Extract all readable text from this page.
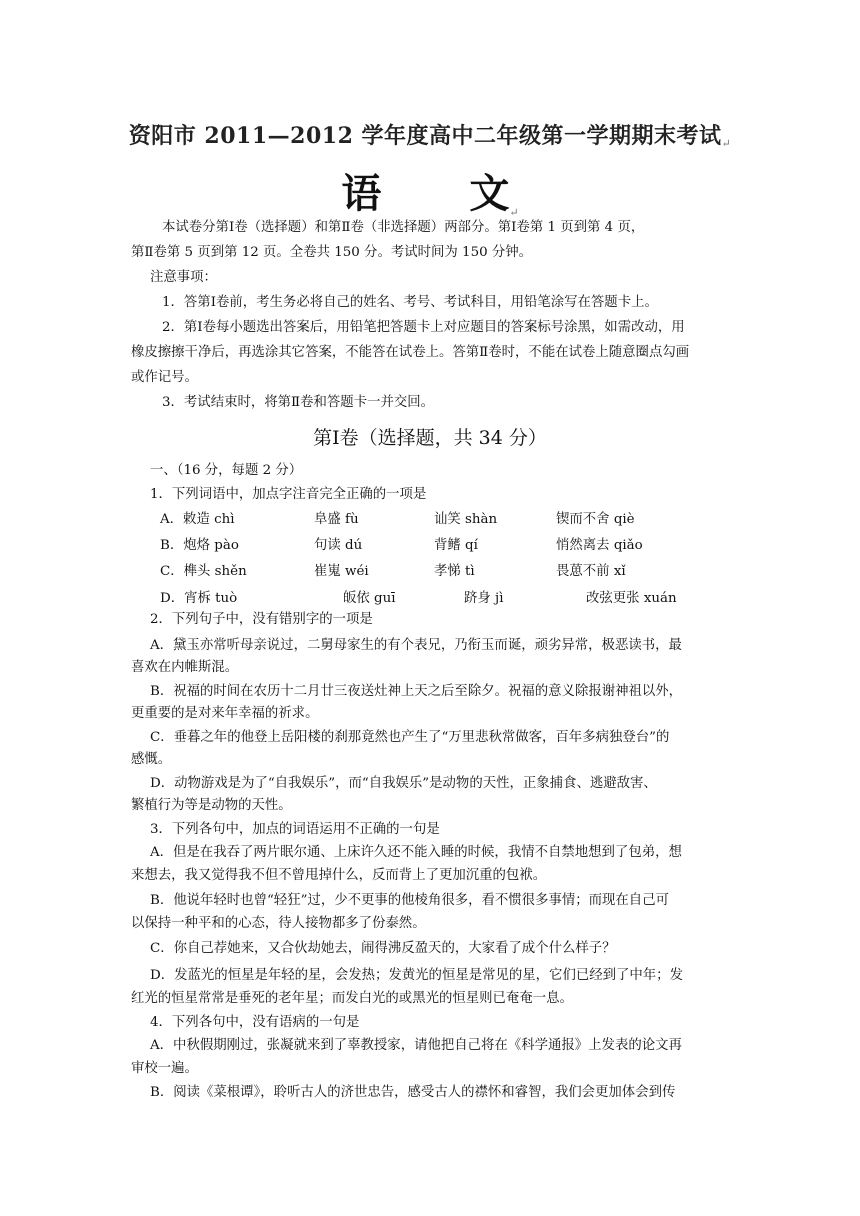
资阳市 2011—2012 学年度高中二年级第一学期期末考试↵
语 文↵
本试卷分第Ⅰ卷（选择题）和第Ⅱ卷（非选择题）两部分。第Ⅰ卷第 1 页到第 4 页，
第Ⅱ卷第 5 页到第 12 页。全卷共 150 分。考试时间为 150 分钟。
注意事项：
1．答第Ⅰ卷前，考生务必将自己的姓名、考号、考试科目，用铅笔涂写在答题卡上。
2．第Ⅰ卷每小题选出答案后，用铅笔把答题卡上对应题目的答案标号涂黑，如需改动，用
橡皮擦擦干净后，再选涂其它答案，不能答在试卷上。答第Ⅱ卷时，不能在试卷上随意圈点勾画
或作记号。
3．考试结束时，将第Ⅱ卷和答题卡一并交回。
第Ⅰ卷（选择题，共 34 分）
一、（16 分，每题 2 分）
1．下列词语中，加点字注音完全正确的一项是
A．敕造 chì	阜盛 fù	讪笑 shàn	锲而不舍 qiè
B．炮烙 pào	句读 dú	背鳍 qí	悄然离去 qiǎo
C．榫头 shěn	崔嵬 wéi	孝悌 tì	畏葸不前 xǐ
D．宵柝 tuò	皈依 guī	跻身 jì	改弦更张 xuán
2．下列句子中，没有错别字的一项是
A．黛玉亦常听母亲说过，二舅母家生的有个表兄，乃衔玉而诞，顽劣异常，极恶读书，最
喜欢在内帷斯混。
B．祝福的时间在农历十二月廿三夜送灶神上天之后至除夕。祝福的意义除报谢神祖以外，
更重要的是对来年幸福的祈求。
C．垂暮之年的他登上岳阳楼的刹那竟然也产生了“万里悲秋常做客，百年多病独登台”的
感慨。
D．动物游戏是为了“自我娱乐”，而“自我娱乐”是动物的天性，正象捕食、逃避敌害、
繁植行为等是动物的天性。
3．下列各句中，加点的词语运用不正确的一句是
A．但是在我吞了两片眠尔通、上床许久还不能入睡的时候，我情不自禁地想到了包弟，想
来想去，我又觉得我不但不曾甩掉什么，反而背上了更加沉重的包袱。
B．他说年轻时也曾“轻狂”过，少不更事的他棱角很多，看不惯很多事情；而现在自己可
以保持一种平和的心态，待人接物都多了份泰然。
C．你自己荐她来，又合伙劫她去，闹得沸反盈天的，大家看了成个什么样子？
D．发蓝光的恒星是年轻的星，会发热；发黄光的恒星是常见的星，它们已经到了中年；发
红光的恒星常常是垂死的老年星；而发白光的或黑光的恒星则已奄奄一息。
4．下列各句中，没有语病的一句是
A．中秋假期刚过，张凝就来到了辜教授家，请他把自己将在《科学通报》上发表的论文再
审校一遍。
B．阅读《菜根谭》，聆听古人的济世忠告，感受古人的襟怀和睿智，我们会更加体会到传
